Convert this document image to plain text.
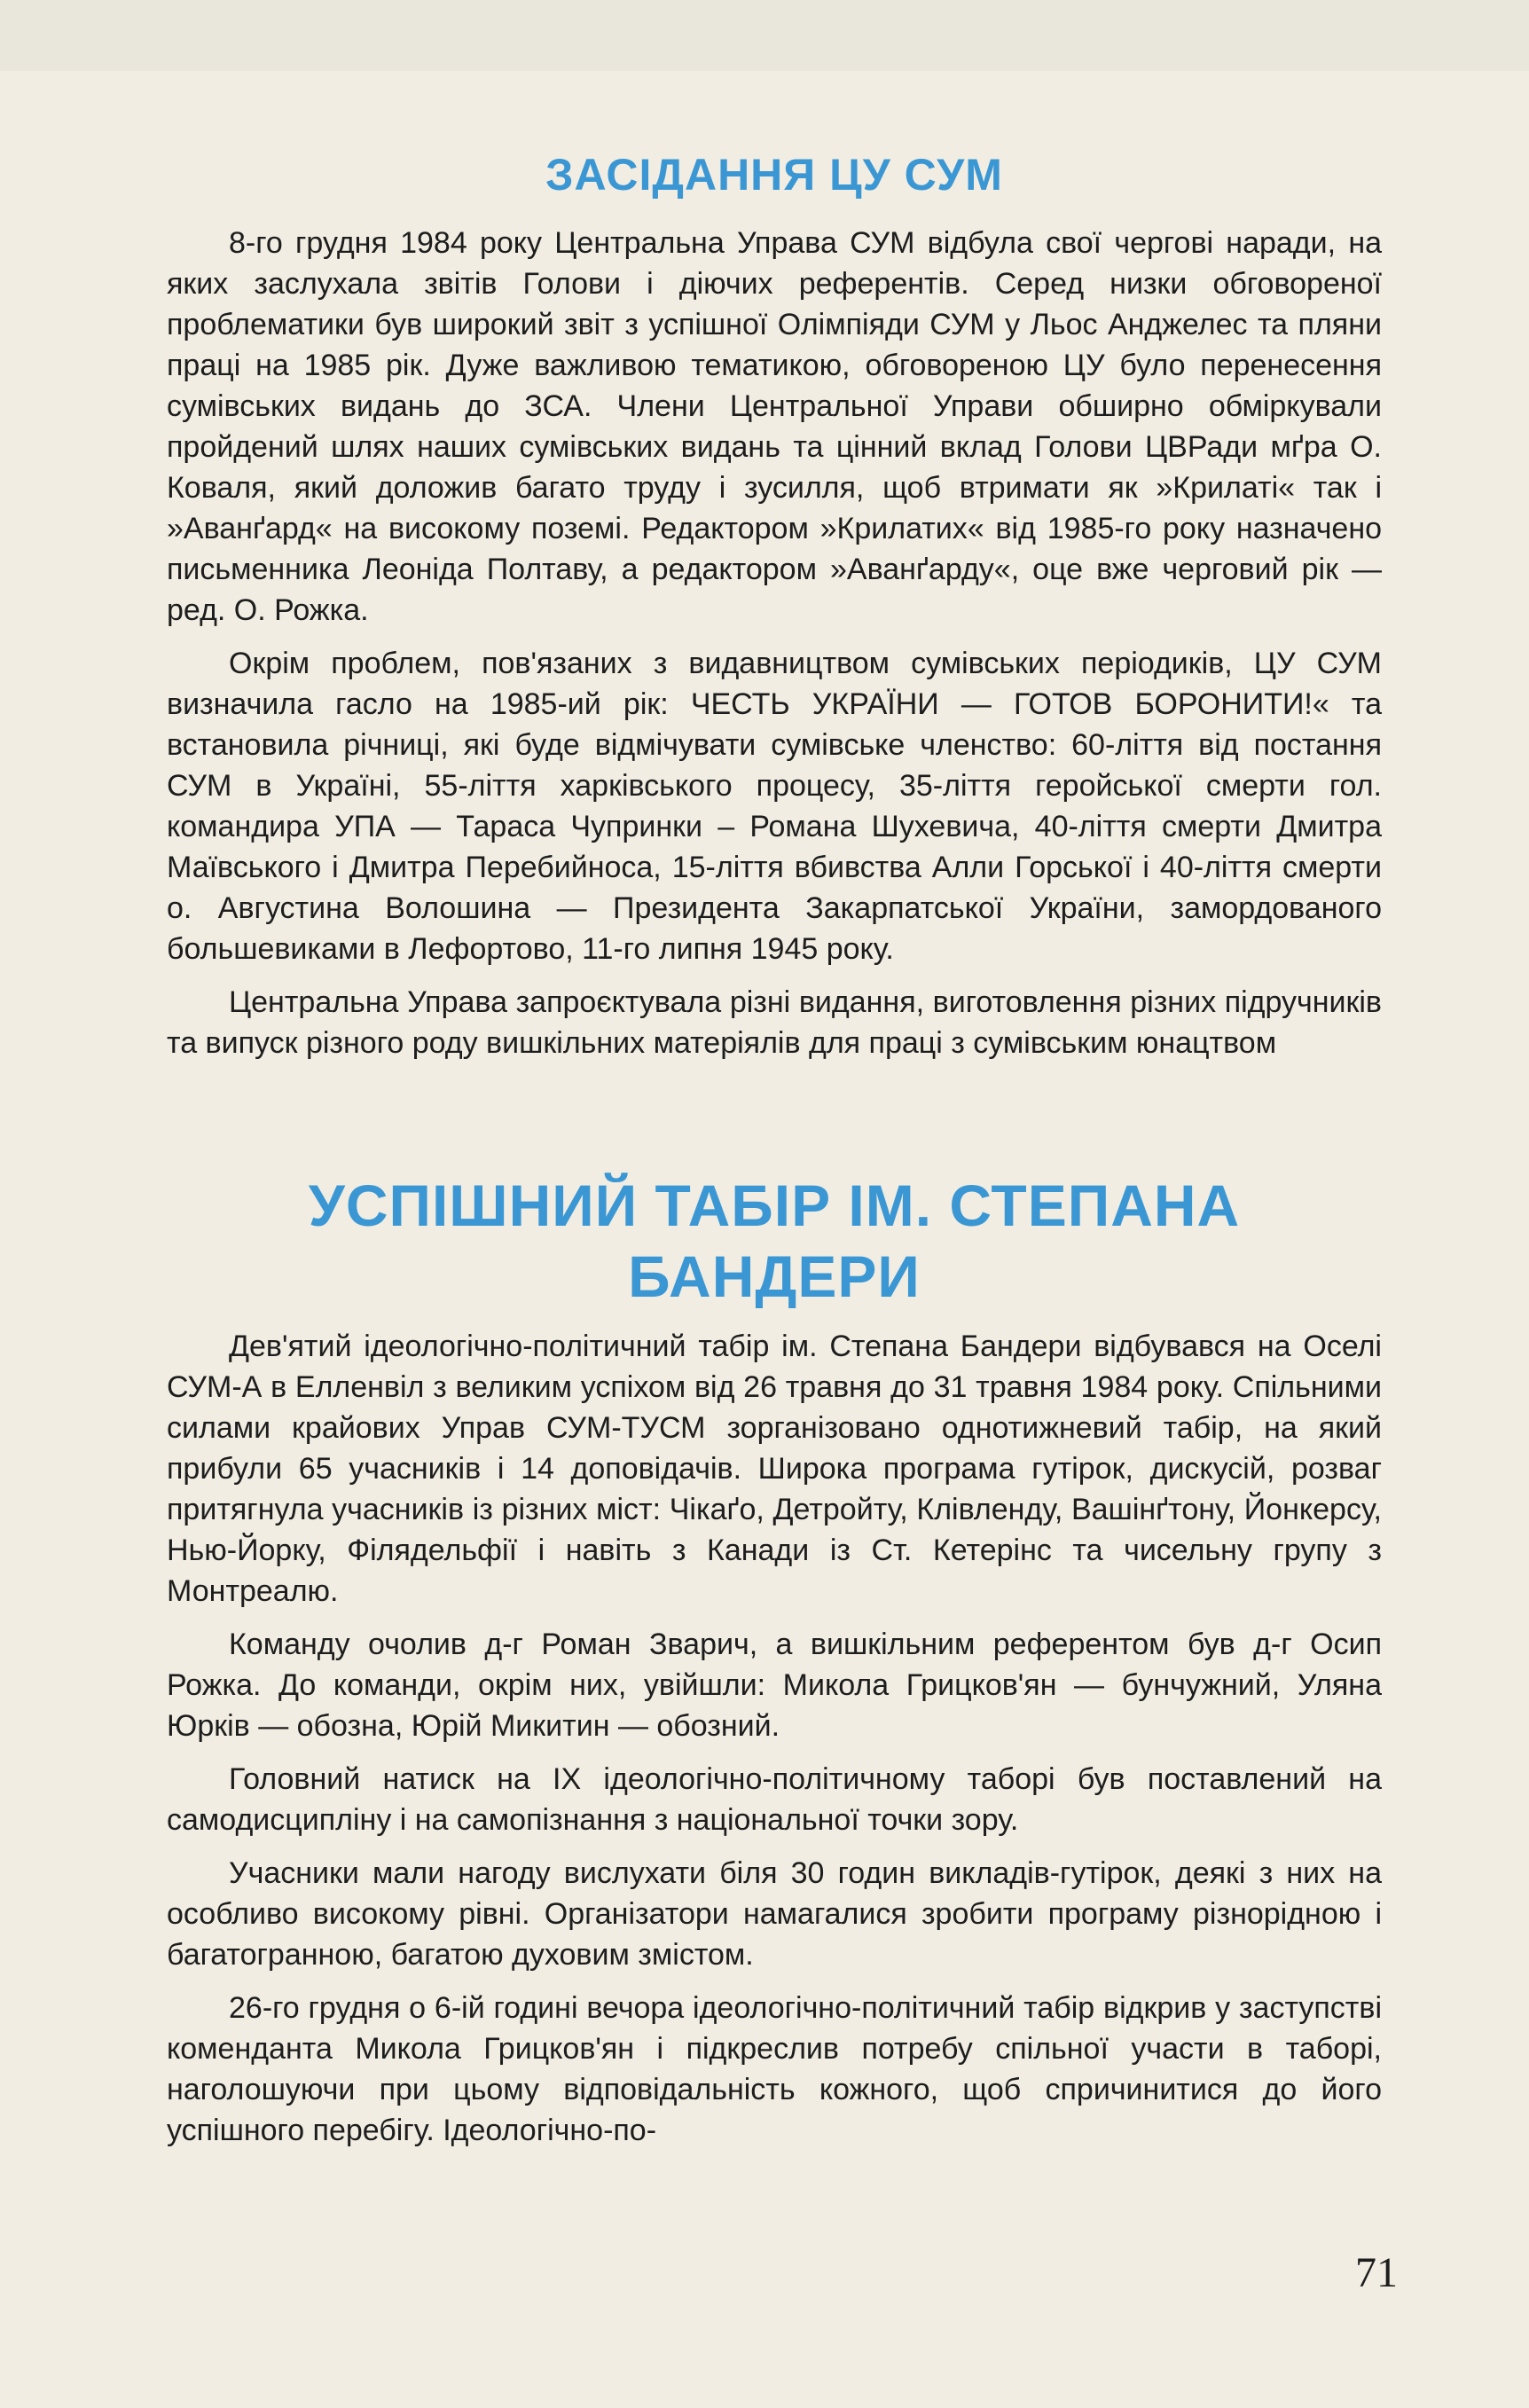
ЗАСІДАННЯ ЦУ СУМ

8-го грудня 1984 року Центральна Управа СУМ відбула свої чергові наради, на яких заслухала звітів Голови і діючих референтів. Серед низки обговореної проблематики був широкий звіт з успішної Олімпіяди СУМ у Льос Анджелес та пляни праці на 1985 рік. Дуже важливою тематикою, обговореною ЦУ було перенесення сумівських видань до ЗСА. Члени Центральної Управи обширно обміркували пройдений шлях наших сумівських видань та цінний вклад Голови ЦВРади мґра О. Коваля, який доложив багато труду і зусилля, щоб втримати як »Крилаті« так і »Аванґард« на високому поземі. Редактором »Крилатих« від 1985-го року назначено письменника Леоніда Полтаву, а редактором »Аванґарду«, оце вже черговий рік — ред. О. Рожка.

Окрім проблем, пов'язаних з видавництвом сумівських періодиків, ЦУ СУМ визначила гасло на 1985-ий рік: ЧЕСТЬ УКРАЇНИ — ГОТОВ БОРОНИТИ!« та встановила річниці, які буде відмічувати сумівське членство: 60-ліття від постання СУМ в Україні, 55-ліття харківського процесу, 35-ліття геройської смерти гол. командира УПА — Тараса Чупринки – Романа Шухевича, 40-ліття смерти Дмитра Маївського і Дмитра Перебийноса, 15-ліття вбивства Алли Горської і 40-ліття смерти о. Августина Волошина — Президента Закарпатської України, замордованого большевиками в Лефортово, 11-го липня 1945 року.

Центральна Управа запроєктувала різні видання, виготовлення різних підручників та випуск різного роду вишкільних матеріялів для праці з сумівським юнацтвом

УСПІШНИЙ ТАБІР ІМ. СТЕПАНА БАНДЕРИ

Дев'ятий ідеологічно-політичний табір ім. Степана Бандери відбувався на Оселі СУМ-А в Елленвіл з великим успіхом від 26 травня до 31 травня 1984 року. Спільними силами крайових Управ СУМ-ТУСМ зорганізовано однотижневий табір, на який прибули 65 учасників і 14 доповідачів. Широка програма гутірок, дискусій, розваг притягнула учасників із різних міст: Чікаґо, Детройту, Клівленду, Вашінґтону, Йонкерсу, Нью-Йорку, Філядельфії і навіть з Канади із Ст. Кетерінс та чисельну групу з Монтреалю.

Команду очолив д-г Роман Зварич, а вишкільним референтом був д-г Осип Рожка. До команди, окрім них, увійшли: Микола Грицков'ян — бунчужний, Уляна Юрків — обозна, Юрій Микитин — обозний.

Головний натиск на IX ідеологічно-політичному таборі був поставлений на самодисципліну і на самопізнання з національної точки зору.

Учасники мали нагоду вислухати біля 30 годин викладів-гутірок, деякі з них на особливо високому рівні. Організатори намагалися зробити програму різнорідною і багатогранною, багатою духовим змістом.

26-го грудня о 6-ій годині вечора ідеологічно-політичний табір відкрив у заступстві коменданта Микола Грицков'ян і підкреслив потребу спільної участи в таборі, наголошуючи при цьому відповідальність кожного, щоб спричинитися до його успішного перебігу. Ідеологічно-по-

71
